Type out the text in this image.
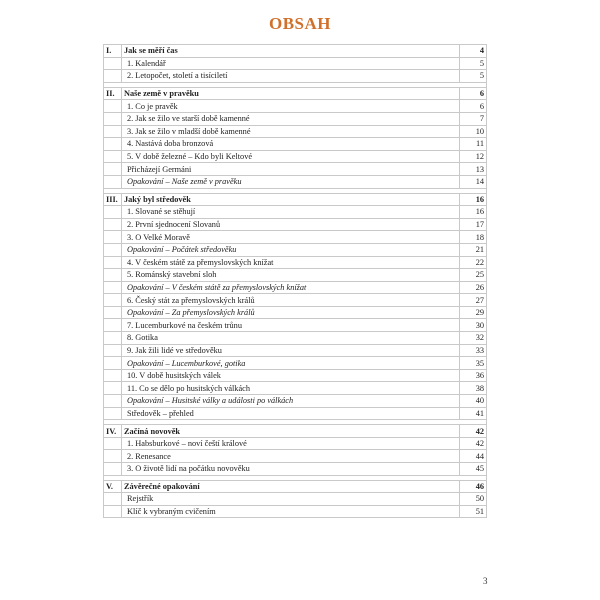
OBSAH
I.	Jak se měří čas	4
	1. Kalendář	5
	2. Letopočet, století a tisíciletí	5

II.	Naše země v pravěku	6
	1. Co je pravěk	6
	2. Jak se žilo ve starší době kamenné	7
	3. Jak se žilo v mladší době kamenné	10
	4. Nastává doba bronzová	11
	5. V době železné – Kdo byli Keltové	12
	Přicházejí Germáni	13
	Opakování – Naše země v pravěku	14

III.	Jaký byl středověk	16
	1. Slované se stěhují	16
	2. První sjednocení Slovanů	17
	3. O Velké Moravě	18
	Opakování – Počátek středověku	21
	4. V českém státě za přemyslovských knížat	22
	5. Románský stavební sloh	25
	Opakování – V českém státě za přemyslovských knížat	26
	6. Český stát za přemyslovských králů	27
	Opakování – Za přemyslovských králů	29
	7. Lucemburkové na českém trůnu	30
	8. Gotika	32
	9. Jak žili lidé ve středověku	33
	Opakování – Lucemburkové, gotika	35
	10. V době husitských válek	36
	11. Co se dělo po husitských válkách	38
	Opakování – Husitské války a události po válkách	40
	Středověk – přehled	41

IV.	Začíná novověk	42
	1. Habsburkové – noví čeští králové	42
	2. Renesance	44
	3. O životě lidí na počátku novověku	45

V.	Závěrečné opakování	46
	Rejstřík	50
	Klíč k vybraným cvičením	51
3
